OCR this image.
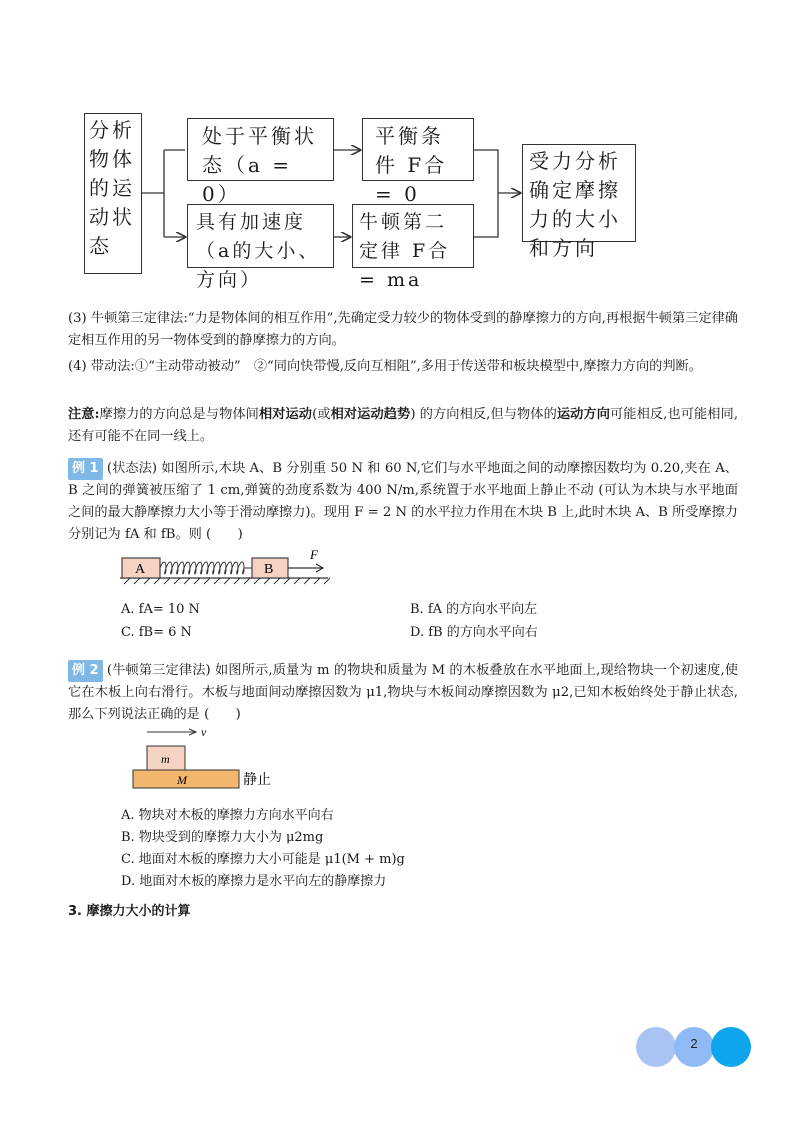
分析物体的运动状态
处于平衡状态（a = 0）
平衡条件 F合 = 0
具有加速度（a的大小、方向）
牛顿第二定律 F合 = ma
受力分析确定摩擦力的大小和方向
(3) 牛顿第三定律法:“力是物体间的相互作用”,先确定受力较少的物体受到的静摩擦力的方向,再根据牛顿第三定律确定相互作用的另一物体受到的静摩擦力的方向。
(4) 带动法:①“主动带动被动”　②“同向快带慢,反向互相阻”,多用于传送带和板块模型中,摩擦力方向的判断。
注意:摩擦力的方向总是与物体间相对运动(或相对运动趋势) 的方向相反,但与物体的运动方向可能相反,也可能相同,还有可能不在同一线上。
例 1 (状态法) 如图所示,木块 A、B 分别重 50 N 和 60 N,它们与水平地面之间的动摩擦因数均为 0.20,夹在 A、B 之间的弹簧被压缩了 1 cm,弹簧的劲度系数为 400 N/m,系统置于水平地面上静止不动 (可认为木块与水平地面之间的最大静摩擦力大小等于滑动摩擦力)。现用 F = 2 N 的水平拉力作用在木块 B 上,此时木块 A、B 所受摩擦力分别记为 fA 和 fB。则 (　　)
A	B
F
A. fA= 10 N	B. fA 的方向水平向左
C. fB= 6 N	D. fB 的方向水平向右
例 2 (牛顿第三定律法) 如图所示,质量为 m 的物块和质量为 M 的木板叠放在水平地面上,现给物块一个初速度,使它在木板上向右滑行。木板与地面间动摩擦因数为 μ1,物块与木板间动摩擦因数为 μ2,已知木板始终处于静止状态,那么下列说法正确的是 (　　)
v
m
M	静止
A. 物块对木板的摩擦力方向水平向右
B. 物块受到的摩擦力大小为 μ2mg
C. 地面对木板的摩擦力大小可能是 μ1(M + m)g
D. 地面对木板的摩擦力是水平向左的静摩擦力
3. 摩擦力大小的计算
2
